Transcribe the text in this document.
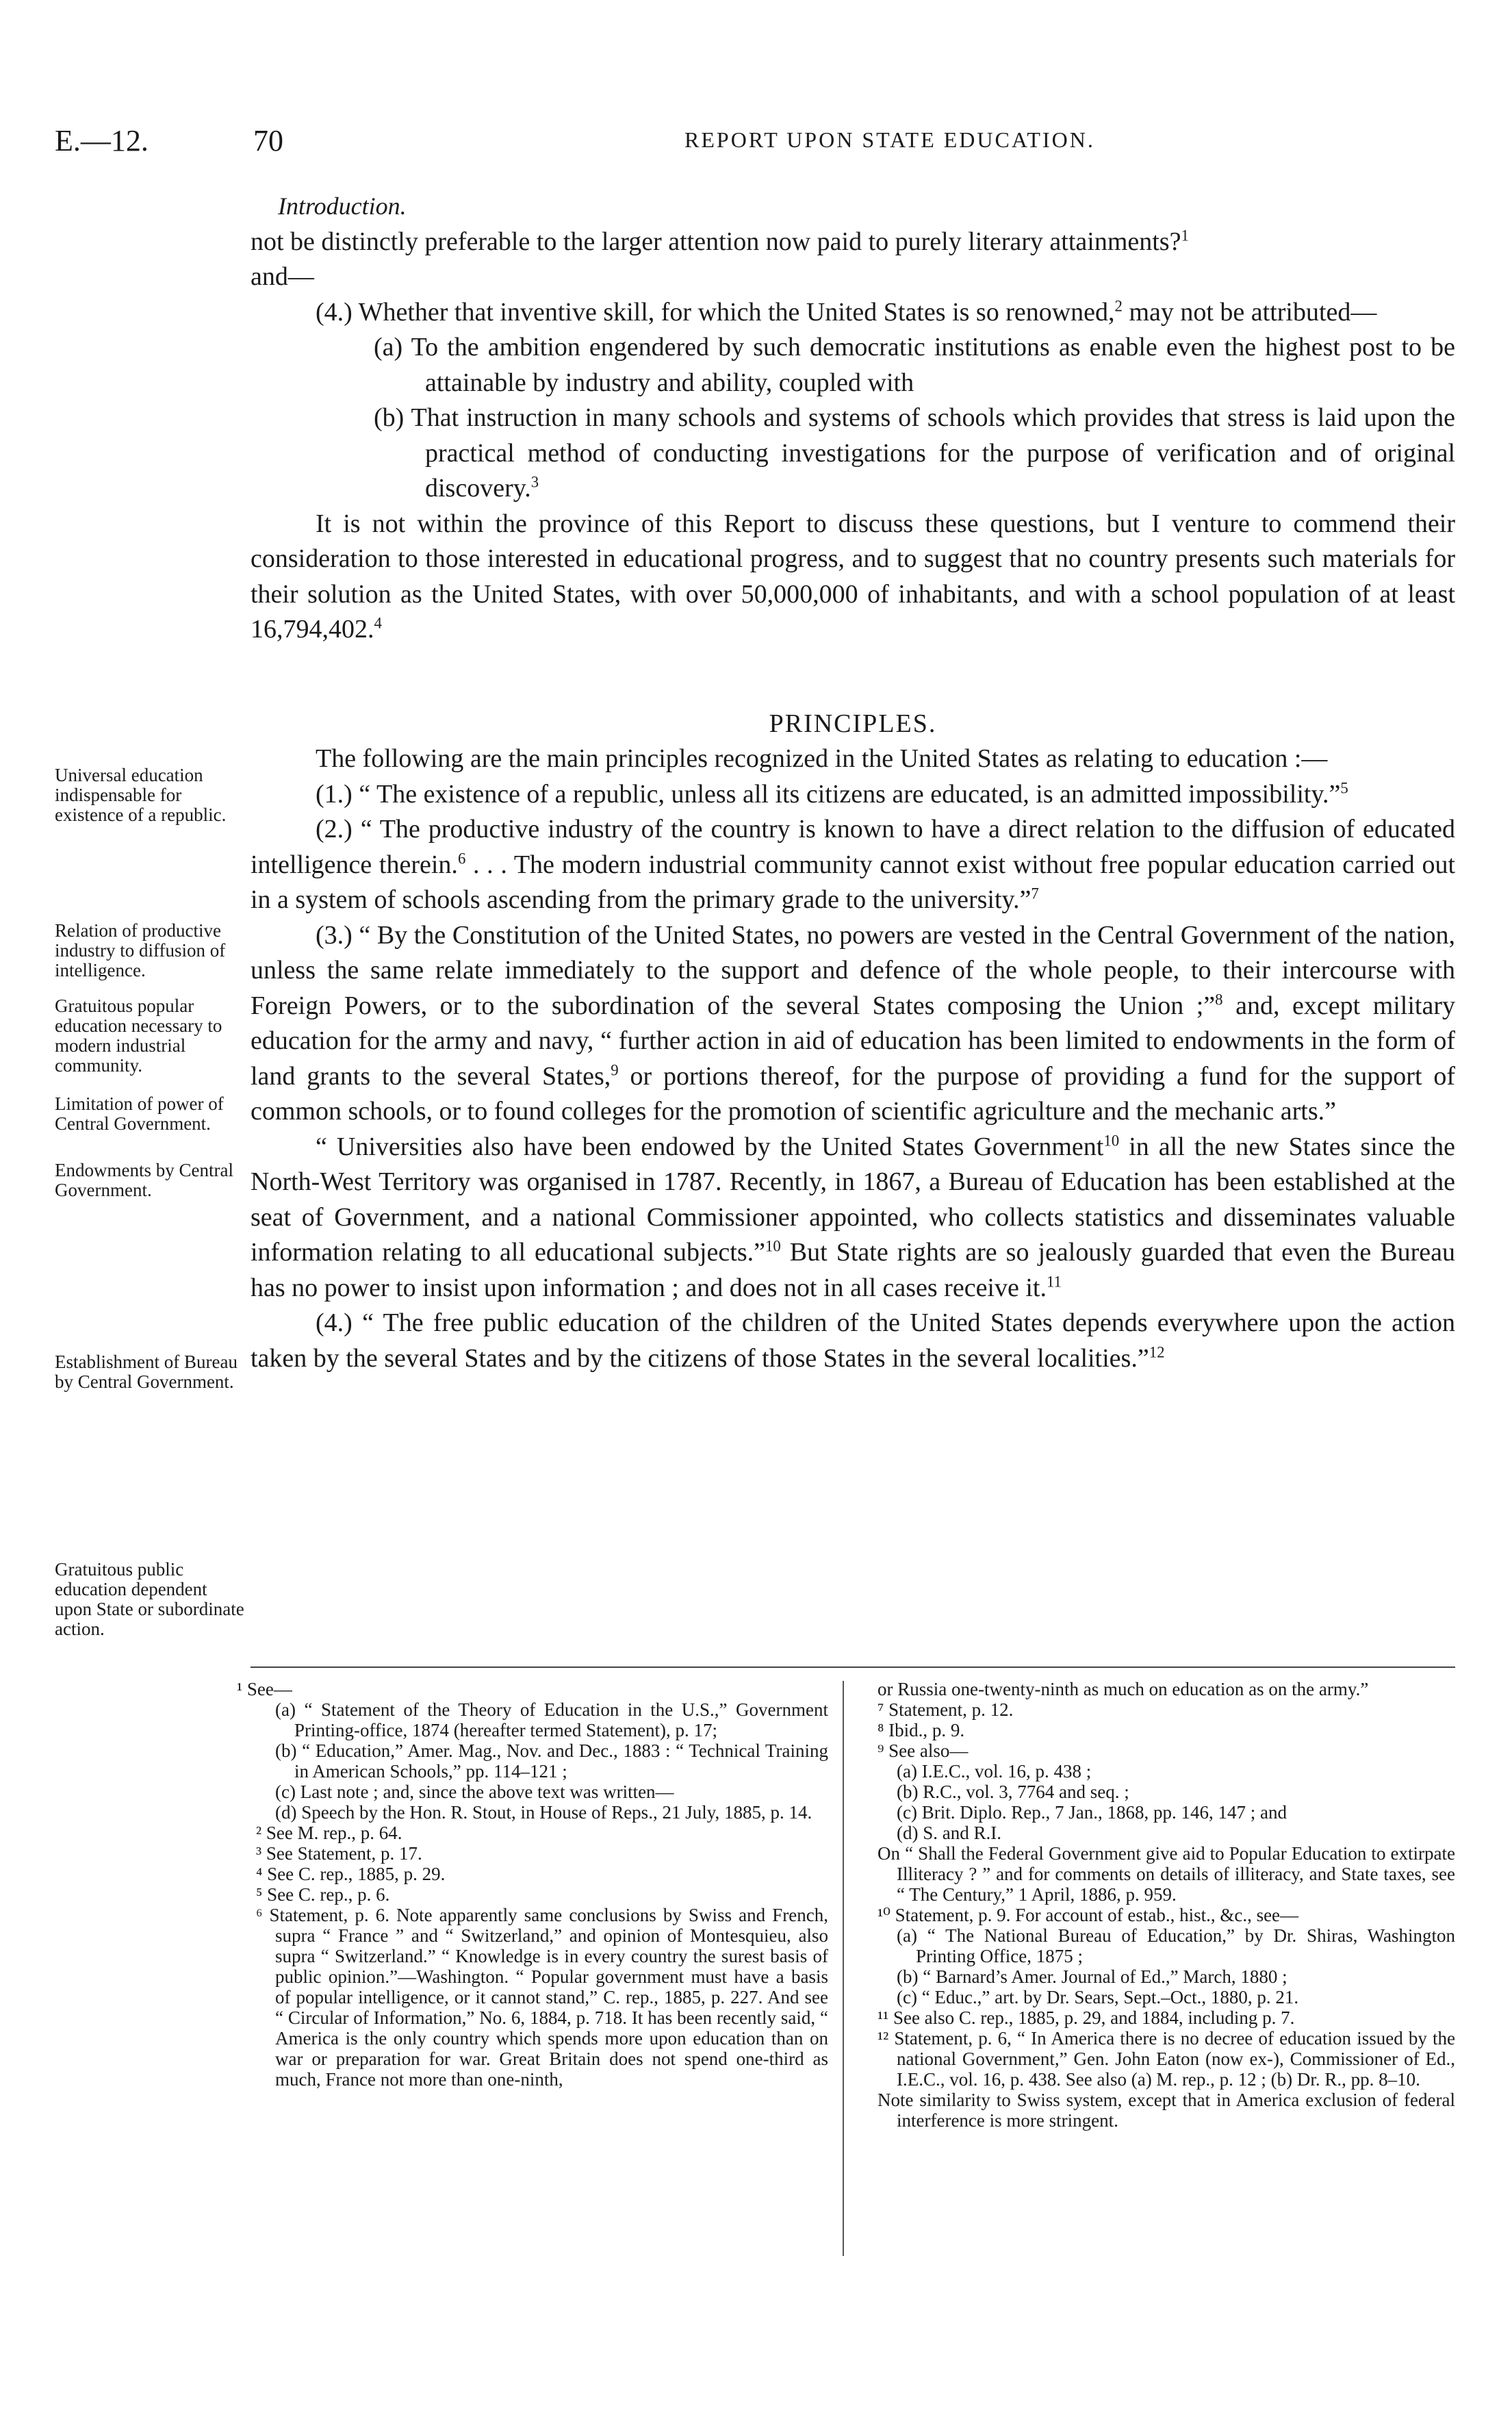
E.—12.	70	REPORT UPON STATE EDUCATION.

Introduction.

not be distinctly preferable to the larger attention now paid to purely literary attainments?$^1$

and—

(4.) Whether that inventive skill, for which the United States is so renowned,$^2$ may not be attributed—

(a) To the ambition engendered by such democratic institutions as enable even the highest post to be attainable by industry and ability, coupled with

(b) That instruction in many schools and systems of schools which provides that stress is laid upon the practical method of conducting investigations for the purpose of verification and of original discovery.$^3$

It is not within the province of this Report to discuss these questions, but I venture to commend their consideration to those interested in educational progress, and to suggest that no country presents such materials for their solution as the United States, with over 50,000,000 of inhabitants, and with a school population of at least 16,794,402.$^4$

PRINCIPLES.

The following are the main principles recognized in the United States as relating to education :—

(1.) “ The existence of a republic, unless all its citizens are educated, is an admitted impossibility.”$^5$

(2.) “ The productive industry of the country is known to have a direct relation to the diffusion of educated intelligence therein.$^6$ . . . The modern industrial community cannot exist without free popular education carried out in a system of schools ascending from the primary grade to the university.”$^7$

(3.) “ By the Constitution of the United States, no powers are vested in the Central Government of the nation, unless the same relate immediately to the support and defence of the whole people, to their intercourse with Foreign Powers, or to the subordination of the several States composing the Union ;”$^8$ and, except military education for the army and navy, “ further action in aid of education has been limited to endowments in the form of land grants to the several States,$^9$ or portions thereof, for the purpose of providing a fund for the support of common schools, or to found colleges for the promotion of scientific agriculture and the mechanic arts.”

“ Universities also have been endowed by the United States Government$^{10}$ in all the new States since the North-West Territory was organised in 1787. Recently, in 1867, a Bureau of Education has been established at the seat of Government, and a national Commissioner appointed, who collects statistics and disseminates valuable information relating to all educational subjects.”$^{10}$ But State rights are so jealously guarded that even the Bureau has no power to insist upon information ; and does not in all cases receive it.$^{11}$

(4.) “ The free public education of the children of the United States depends everywhere upon the action taken by the several States and by the citizens of those States in the several localities.”$^{12}$

Universal education indispensable for existence of a republic.
Relation of productive industry to diffusion of intelligence.
Gratuitous popular education necessary to modern industrial community.
Limitation of power of Central Government.
Endowments by Central Government.
Establishment of Bureau by Central Government.
Gratuitous public education dependent upon State or subordinate action.

¹ See—

(a) “ Statement of the Theory of Education in the U.S.,” Government Printing-office, 1874 (hereafter termed Statement), p. 17;

(b) “ Education,” Amer. Mag., Nov. and Dec., 1883 : “ Technical Training in American Schools,” pp. 114–121 ;

(c) Last note ; and, since the above text was written—

(d) Speech by the Hon. R. Stout, in House of Reps., 21 July, 1885, p. 14.

² See M. rep., p. 64.

³ See Statement, p. 17.

⁴ See C. rep., 1885, p. 29.

⁵ See C. rep., p. 6.

⁶ Statement, p. 6. Note apparently same conclusions by Swiss and French, supra “ France ” and “ Switzerland,” and opinion of Montesquieu, also supra “ Switzerland.” “ Knowledge is in every country the surest basis of public opinion.”—Washington. “ Popular government must have a basis of popular intelligence, or it cannot stand,” C. rep., 1885, p. 227. And see “ Circular of Information,” No. 6, 1884, p. 718. It has been recently said, “ America is the only country which spends more upon education than on war or preparation for war. Great Britain does not spend one-third as much, France not more than one-ninth,

or Russia one-twenty-ninth as much on education as on the army.”

⁷ Statement, p. 12.

⁸ Ibid., p. 9.

⁹ See also—

(a) I.E.C., vol. 16, p. 438 ;

(b) R.C., vol. 3, 7764 and seq. ;

(c) Brit. Diplo. Rep., 7 Jan., 1868, pp. 146, 147 ; and

(d) S. and R.I.

On “ Shall the Federal Government give aid to Popular Education to extirpate Illiteracy ? ” and for comments on details of illiteracy, and State taxes, see “ The Century,” 1 April, 1886, p. 959.

¹⁰ Statement, p. 9. For account of estab., hist., &c., see—

(a) “ The National Bureau of Education,” by Dr. Shiras, Washington Printing Office, 1875 ;

(b) “ Barnard’s Amer. Journal of Ed.,” March, 1880 ;

(c) “ Educ.,” art. by Dr. Sears, Sept.–Oct., 1880, p. 21.

¹¹ See also C. rep., 1885, p. 29, and 1884, including p. 7.

¹² Statement, p. 6, “ In America there is no decree of education issued by the national Government,” Gen. John Eaton (now ex-), Commissioner of Ed., I.E.C., vol. 16, p. 438. See also (a) M. rep., p. 12 ; (b) Dr. R., pp. 8–10.

Note similarity to Swiss system, except that in America exclusion of federal interference is more stringent.
